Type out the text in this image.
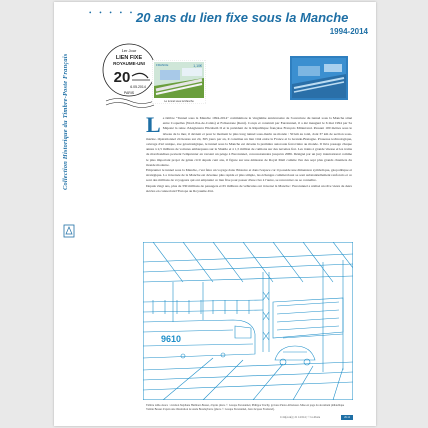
Collection Historique du Timbre-Poste Français
• • • • • 20 ans du lien fixe sous la Manche
1994-2014
1er Jour
LIEN FIXE
ROYAUME-UNI
20
6.05.2014
PARIS
1,10€
FRANCE
Le tunnel sous la Manche
L e timbre "Tunnel sous la Manche 1994-2014" commémore le vingtième anniversaire de l'ouverture du tunnel sous la Manche situé entre Coquelles (Nord-Pas-de-Calais) et Folkestone (Kent). Conçu et construit par Eurotunnel, il a été inauguré le 6 mai 1994 par Sa Majesté la reine d'Angleterre Elizabeth II et le président de la République française François Mitterrand. Passant 100 mètres sous le niveau de la mer, il devient et pour le moment le plus long tunnel sous-marin au monde : 50 km au total, dont 37 km de section sous-marine. Opérationnel 24 heures sur 24, 365 jours par an, il constitue un lien vital entre la France et la Grande-Bretagne. Prouesse technologique, ouvrage d'art unique, axe géostratégique, le tunnel sous la Manche est devenu la première autoroute ferroviaire au monde. Il livre passage chaque année à 2,5 millions de voitures embarquées sur la Shuttle et à 1,5 million de camions sur des navettes fret. Les trains à grande vitesse et les trains de marchandises peuvent l'emprunter en versant un péage à Eurotunnel, concessionnaire jusqu'en 2086. Désigné par un jury international comme le plus important projet de génie civil depuis cent ans, il figure sur une émission de Royal Mail comme l'un des sept plus grands chantiers du monde moderne.
Emprunter le tunnel sous la Manche, c'est faire un voyage dans l'histoire et dans l'espace car il possède une dimension symbolique, géopolitique et stratégique. La traversée de la Manche est devenue plus rapide et plus simple, les échanges commerciaux se sont substantiellement renforcés et ce sont des millions de voyageurs qui ont emprunté ce lien fixe pour passer d'une rive à l'autre, se rencontrer ou se connaître.
Depuis vingt ans, plus de 330 millions de passagers et 65 millions de véhicules ont traversé la Manche : Eurotunnel a réalisé un rêve vieux de deux siècles en connectant l'Europe au Royaume-Uni.
9610
Timbre taille-douce : création Stéphane Humbert-Basset, d'après photo © Groupe Eurotunnel, Philippe Truchy, gravure Pierre Albuisson. Mise en page du document philatélique Valérie Besser d'après une illustration de Aude Boudaybarre (photo © Groupe Eurotunnel, Jean Jacques Fromond).
1114(code) | 21 14 614 | © La Poste	26.14
